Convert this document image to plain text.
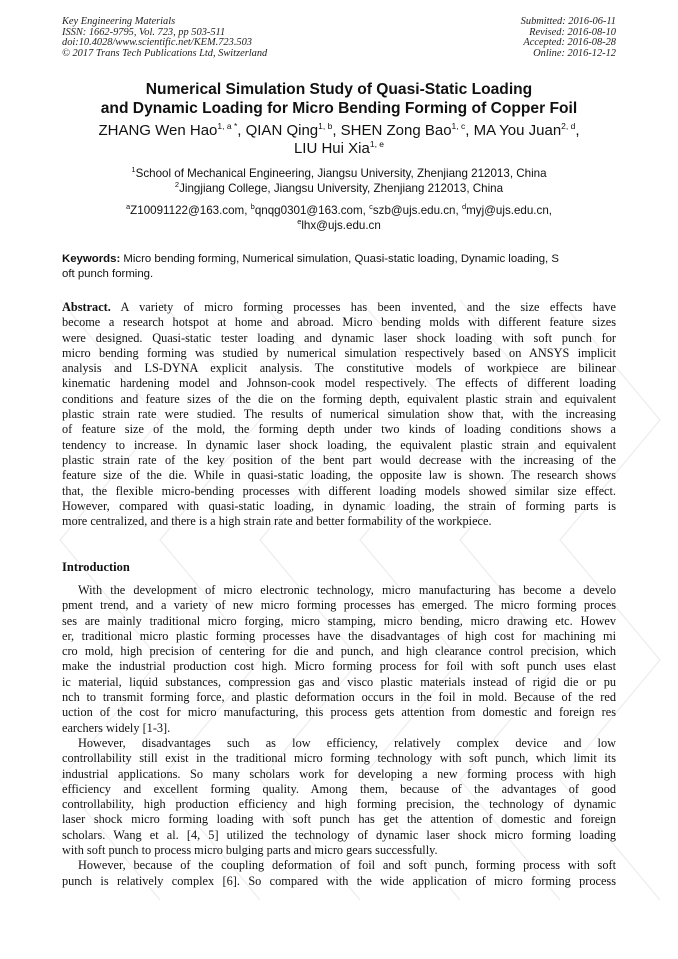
Key Engineering Materials
ISSN: 1662-9795, Vol. 723, pp 503-511
doi:10.4028/www.scientific.net/KEM.723.503
© 2017 Trans Tech Publications Ltd, Switzerland
Submitted: 2016-06-11
Revised: 2016-08-10
Accepted: 2016-08-28
Online: 2016-12-12
Numerical Simulation Study of Quasi-Static Loading
and Dynamic Loading for Micro Bending Forming of Copper Foil
ZHANG Wen Hao$^{1, a *}$, QIAN Qing$^{1, b}$, SHEN Zong Bao$^{1, c}$, MA You Juan$^{2, d}$,
LIU Hui Xia$^{1, e}$
$^1$School of Mechanical Engineering, Jiangsu University, Zhenjiang 212013, China
$^2$Jingjiang College, Jiangsu University, Zhenjiang 212013, China
$^a$Z10091122@163.com, $^b$qnqg0301@163.com, $^c$szb@ujs.edu.cn, $^d$myj@ujs.edu.cn,
$^e$lhx@ujs.edu.cn
Keywords: Micro bending forming, Numerical simulation, Quasi-static loading, Dynamic loading, S
oft punch forming.
Abstract. A variety of micro forming processes has been invented, and the size effects have
become a research hotspot at home and abroad. Micro bending molds with different feature sizes
were designed. Quasi-static tester loading and dynamic laser shock loading with soft punch for
micro bending forming was studied by numerical simulation respectively based on ANSYS implicit
analysis and LS-DYNA explicit analysis. The constitutive models of workpiece are bilinear
kinematic hardening model and Johnson-cook model respectively. The effects of different loading
conditions and feature sizes of the die on the forming depth, equivalent plastic strain and equivalent
plastic strain rate were studied. The results of numerical simulation show that, with the increasing
of feature size of the mold, the forming depth under two kinds of loading conditions shows a
tendency to increase. In dynamic laser shock loading, the equivalent plastic strain and equivalent
plastic strain rate of the key position of the bent part would decrease with the increasing of the
feature size of the die. While in quasi-static loading, the opposite law is shown. The research shows
that, the flexible micro-bending processes with different loading models showed similar size effect.
However, compared with quasi-static loading, in dynamic loading, the strain of forming parts is
more centralized, and there is a high strain rate and better formability of the workpiece.
Introduction
With the development of micro electronic technology, micro manufacturing has become a develo
pment trend, and a variety of new micro forming processes has emerged. The micro forming proces
ses are mainly traditional micro forging, micro stamping, micro bending, micro drawing etc. Howev
er, traditional micro plastic forming processes have the disadvantages of high cost for machining mi
cro mold, high precision of centering for die and punch, and high clearance control precision, which
make the industrial production cost high. Micro forming process for foil with soft punch uses elast
ic material, liquid substances, compression gas and visco plastic materials instead of rigid die or pu
nch to transmit forming force, and plastic deformation occurs in the foil in mold. Because of the red
uction of the cost for micro manufacturing, this process gets attention from domestic and foreign res
earchers widely [1-3].
However, disadvantages such as low efficiency, relatively complex device and low
controllability still exist in the traditional micro forming technology with soft punch, which limit its
industrial applications. So many scholars work for developing a new forming process with high
efficiency and excellent forming quality. Among them, because of the advantages of good
controllability, high production efficiency and high forming precision, the technology of dynamic
laser shock micro forming loading with soft punch has get the attention of domestic and foreign
scholars. Wang et al. [4, 5] utilized the technology of dynamic laser shock micro forming loading
with soft punch to process micro bulging parts and micro gears successfully.
However, because of the coupling deformation of foil and soft punch, forming process with soft
punch is relatively complex [6]. So compared with the wide application of micro forming process
